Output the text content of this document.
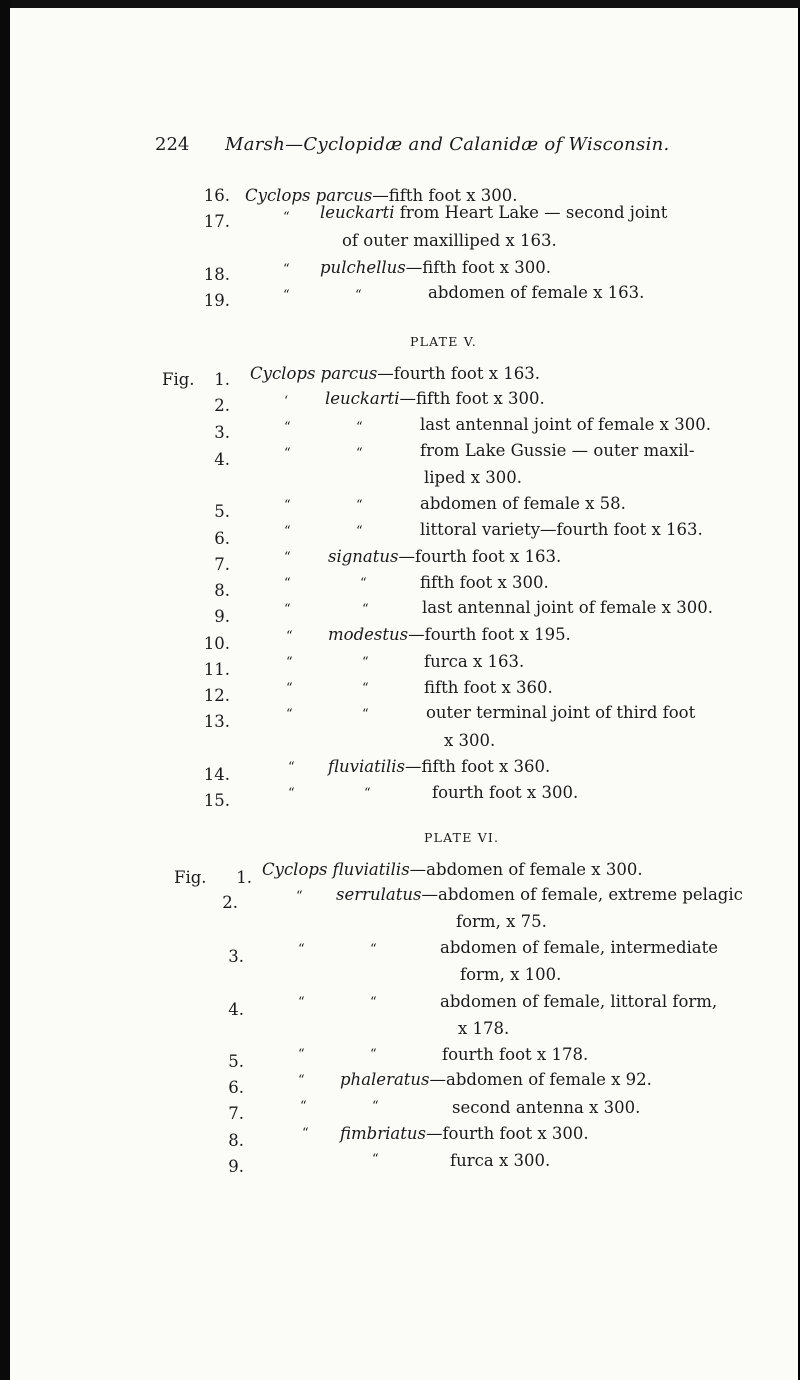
224 Marsh—Cyclopidæ and Calanidæ of Wisconsin.
16. Cyclops parcus—fifth foot x 300.
17.	“ leuckarti from Heart Lake — second joint
of outer maxilliped x 163.
18.	“ pulchellus—fifth foot x 300.
19.	“	“	abdomen of female x 163.
PLATE V.
Fig.	1. Cyclops parcus—fourth foot x 163.
2.	‘ leuckarti—fifth foot x 300.
3.	“	“	last antennal joint of female x 300.
4.	“	“	from Lake Gussie — outer maxil-
liped x 300.
5.	“	“	abdomen of female x 58.
6.	“	“	littoral variety—fourth foot x 163.
7.	“ signatus—fourth foot x 163.
8.	“	“	fifth foot x 300.
9.	“	“	last antennal joint of female x 300.
10.	“ modestus—fourth foot x 195.
11.	“	“	furca x 163.
12.	“	“	fifth foot x 360.
13.	“	“	outer terminal joint of third foot
x 300.
14.	“ fluviatilis—fifth foot x 360.
15.	“	“	fourth foot x 300.
PLATE VI.
Fig.	1. Cyclops fluviatilis—abdomen of female x 300.
2.	“ serrulatus—abdomen of female, extreme pelagic
form, x 75.
3.	“	“	abdomen of female, intermediate
form, x 100.
4.	“	“	abdomen of female, littoral form,
x 178.
5.	“	“	fourth foot x 178.
6.	“ phaleratus—abdomen of female x 92.
7.	“	“	second antenna x 300.
8.	“ fimbriatus—fourth foot x 300.
9.	“	furca x 300.
